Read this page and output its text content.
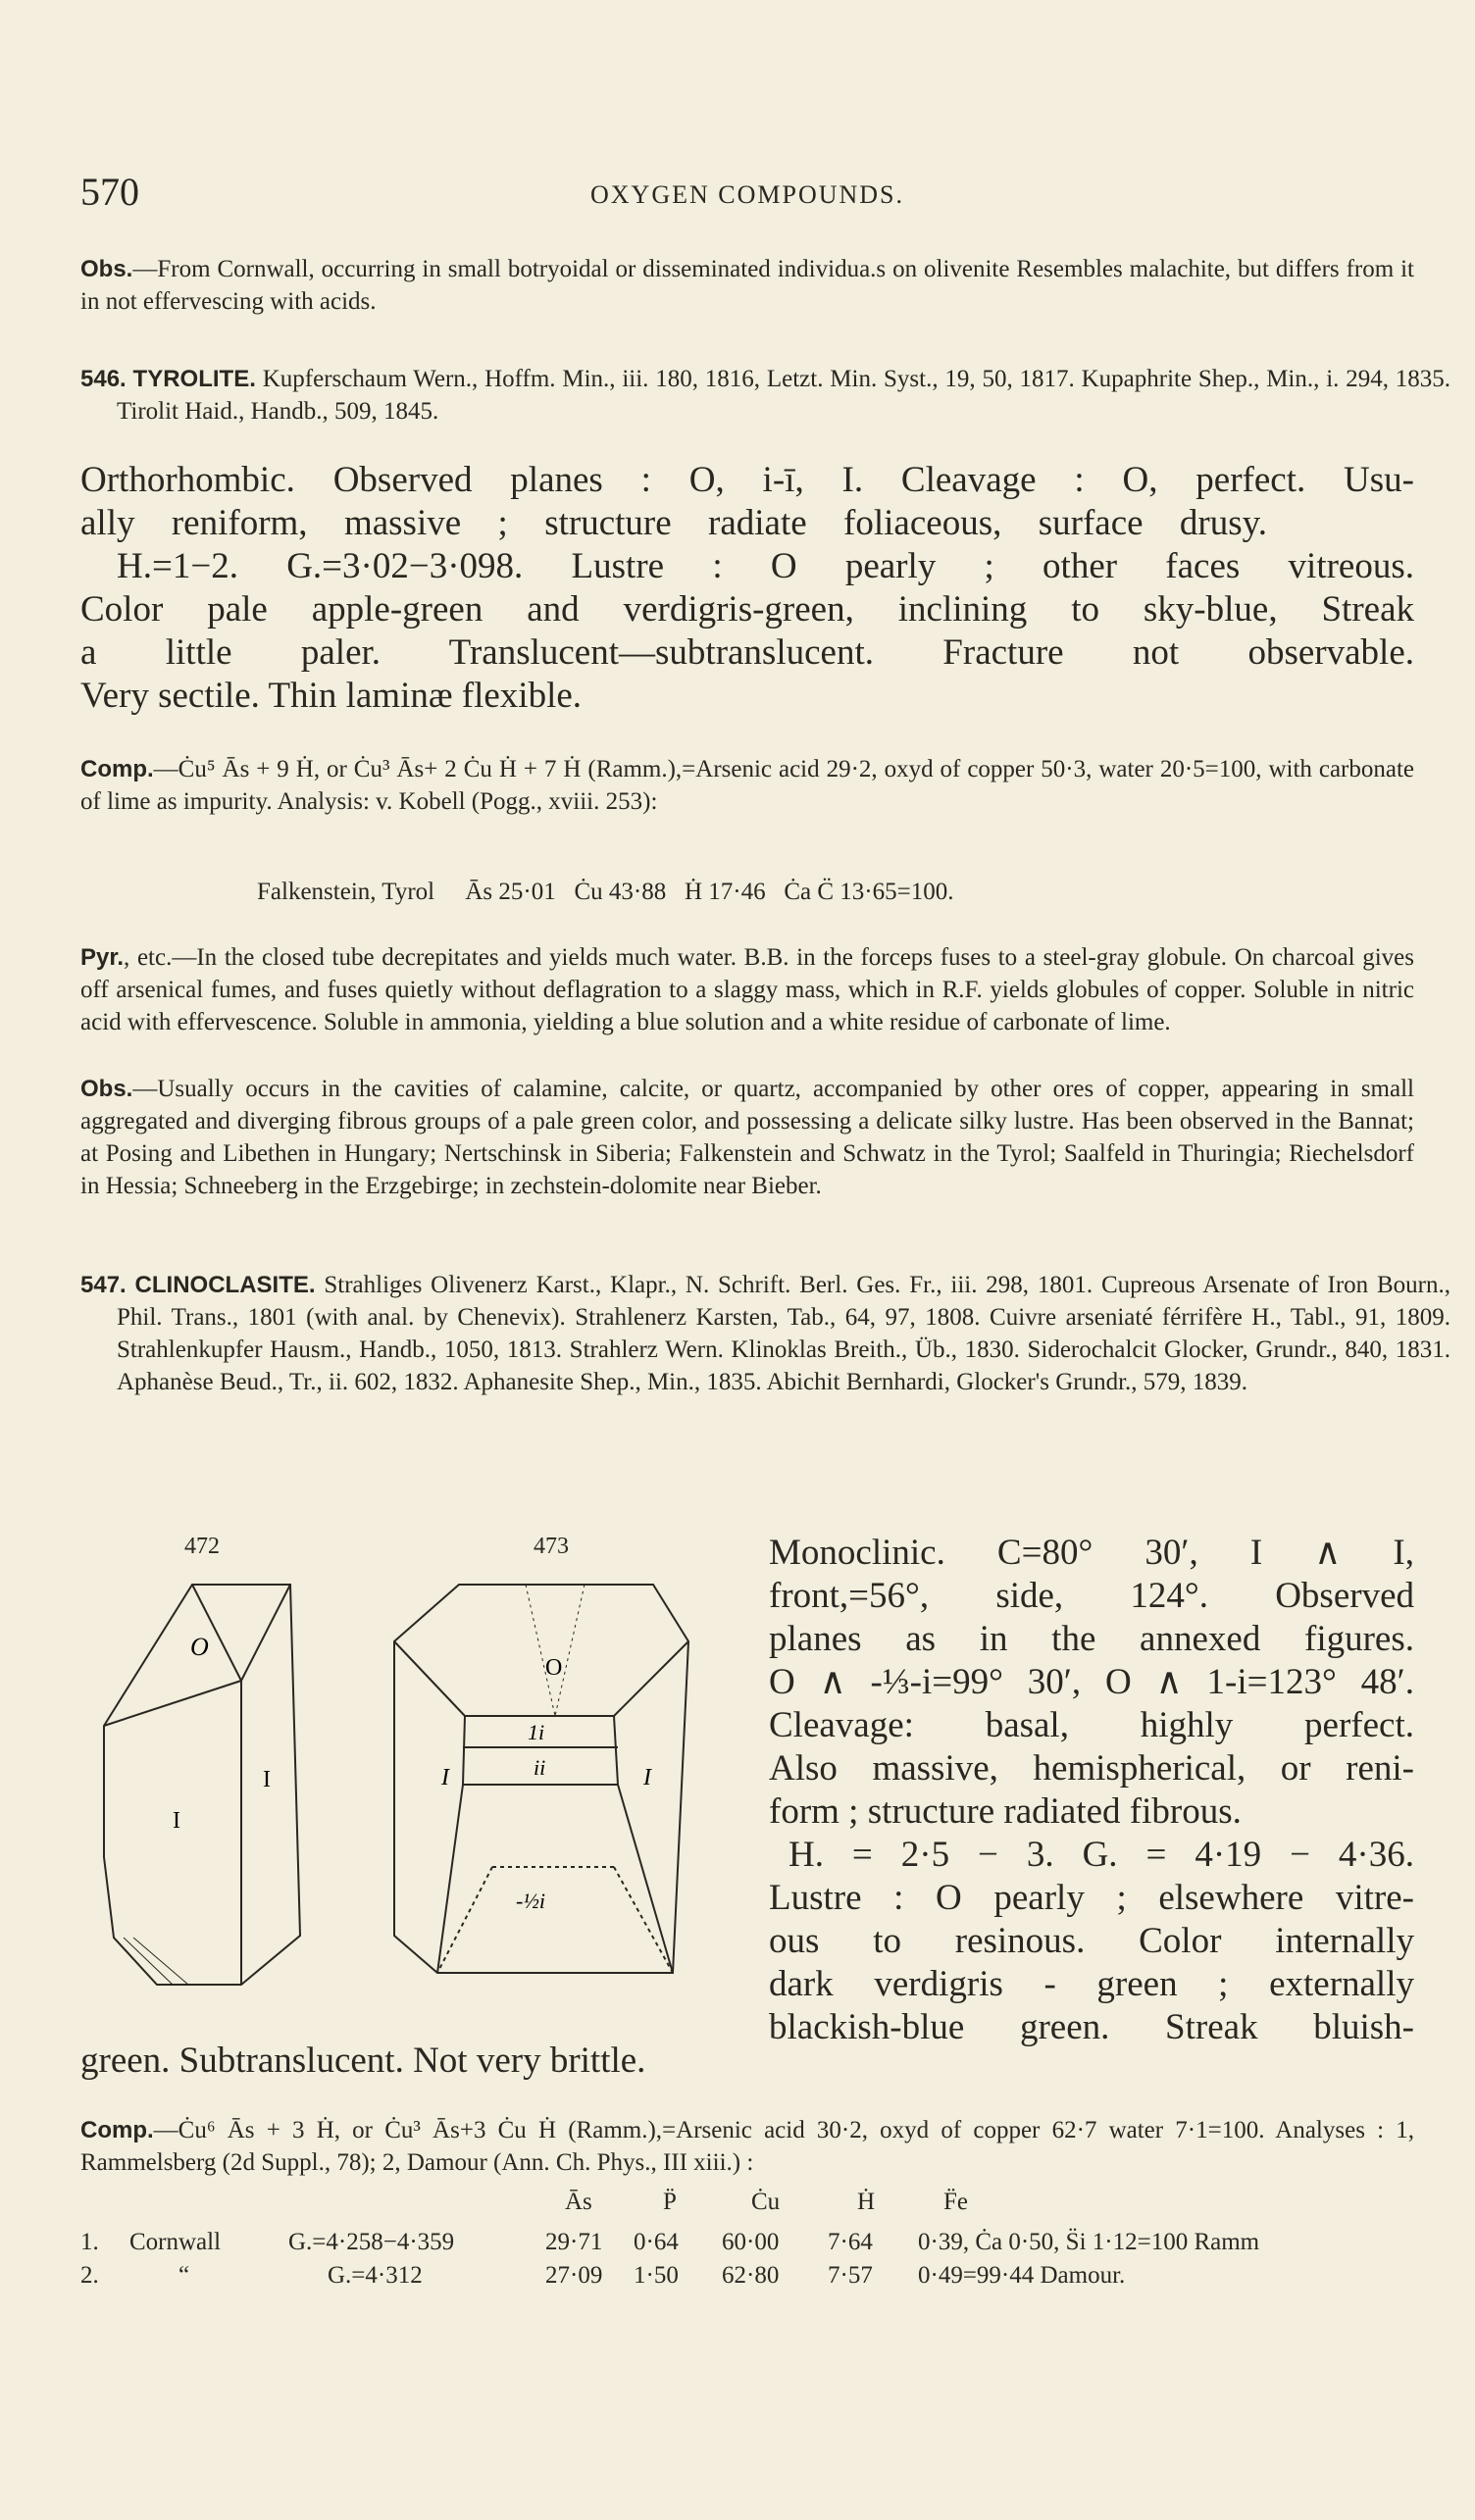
570	OXYGEN COMPOUNDS.
Obs.—From Cornwall, occurring in small botryoidal or disseminated individua.s on olivenite Resembles malachite, but differs from it in not effervescing with acids.
546. TYROLITE. Kupferschaum Wern., Hoffm. Min., iii. 180, 1816, Letzt. Min. Syst., 19, 50, 1817. Kupaphrite Shep., Min., i. 294, 1835. Tirolit Haid., Handb., 509, 1845.
Orthorhombic. Observed planes : O, i-ī, I. Cleavage : O, perfect. Usu-
ally reniform, massive ; structure radiate foliaceous, surface drusy.
H.=1−2. G.=3·02−3·098. Lustre : O pearly ; other faces vitreous.
Color pale apple-green and verdigris-green, inclining to sky-blue, Streak
a little paler. Translucent—subtranslucent. Fracture not observable.
Very sectile. Thin laminæ flexible.
Comp.—Ċu⁵ Ās + 9 Ḣ, or Ċu³ Ās+ 2 Ċu Ḣ + 7 Ḣ (Ramm.),=Arsenic acid 29·2, oxyd of copper 50·3, water 20·5=100, with carbonate of lime as impurity. Analysis: v. Kobell (Pogg., xviii. 253):
Falkenstein, Tyrol     Ās 25·01   Ċu 43·88   Ḣ 17·46   Ċa C̈ 13·65=100.
Pyr., etc.—In the closed tube decrepitates and yields much water. B.B. in the forceps fuses to a steel-gray globule. On charcoal gives off arsenical fumes, and fuses quietly without deflagration to a slaggy mass, which in R.F. yields globules of copper. Soluble in nitric acid with effervescence. Soluble in ammonia, yielding a blue solution and a white residue of carbonate of lime.
Obs.—Usually occurs in the cavities of calamine, calcite, or quartz, accompanied by other ores of copper, appearing in small aggregated and diverging fibrous groups of a pale green color, and possessing a delicate silky lustre. Has been observed in the Bannat; at Posing and Libethen in Hungary; Nertschinsk in Siberia; Falkenstein and Schwatz in the Tyrol; Saalfeld in Thuringia; Riechelsdorf in Hessia; Schneeberg in the Erzgebirge; in zechstein-dolomite near Bieber.
547. CLINOCLASITE. Strahliges Olivenerz Karst., Klapr., N. Schrift. Berl. Ges. Fr., iii. 298, 1801. Cupreous Arsenate of Iron Bourn., Phil. Trans., 1801 (with anal. by Chenevix). Strahlenerz Karsten, Tab., 64, 97, 1808. Cuivre arseniaté férrifère H., Tabl., 91, 1809. Strahlenkupfer Hausm., Handb., 1050, 1813. Strahlerz Wern. Klinoklas Breith., Üb., 1830. Siderochalcit Glocker, Grundr., 840, 1831. Aphanèse Beud., Tr., ii. 602, 1832. Aphanesite Shep., Min., 1835. Abichit Bernhardi, Glocker's Grundr., 579, 1839.
472	473
O
I
I
O
1i
ii
I	I
-½i

Monoclinic. C=80° 30′, I ∧ I,

front,=56°, side, 124°. Observed

planes as in the annexed figures.

O ∧ -⅓-i=99° 30′, O ∧ 1-i=123° 48′.

Cleavage: basal, highly perfect.

Also massive, hemispherical, or reni-

form ; structure radiated fibrous.

H. = 2·5 − 3. G. = 4·19 − 4·36.

Lustre : O pearly ; elsewhere vitre-

ous to resinous. Color internally

dark verdigris - green ; externally

blackish-blue green. Streak bluish-

green. Subtranslucent. Not very brittle.
Comp.—Ċu⁶ Ās + 3 Ḣ, or Ċu³ Ās+3 Ċu Ḣ (Ramm.),=Arsenic acid 30·2, oxyd of copper 62·7 water 7·1=100. Analyses : 1, Rammelsberg (2d Suppl., 78); 2, Damour (Ann. Ch. Phys., III xiii.) :
Ās	P̈	Ċu	Ḣ	F̈e
1.	Cornwall	G.=4·258−4·359	29·71	0·64	60·00	7·64	0·39, Ċa 0·50, S̈i 1·12=100 Ramm
2.	“	G.=4·312	27·09	1·50	62·80	7·57	0·49=99·44 Damour.
